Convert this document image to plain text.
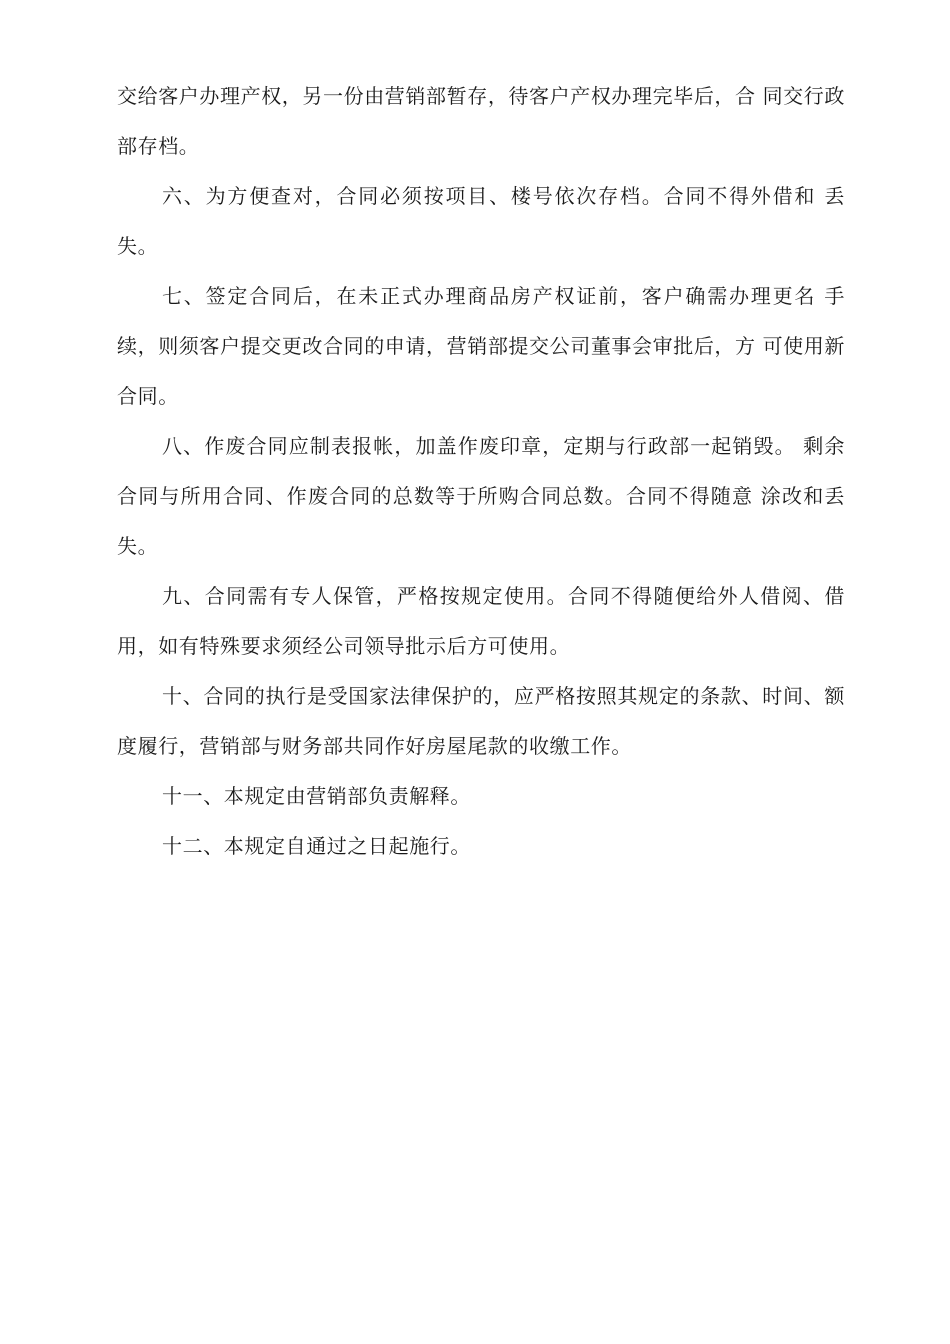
交给客户办理产权，另一份由营销部暂存，待客户产权办理完毕后，合 同交行政部存档。

六、为方便查对，合同必须按项目、楼号依次存档。合同不得外借和 丢失。

七、签定合同后，在未正式办理商品房产权证前，客户确需办理更名 手续，则须客户提交更改合同的申请，营销部提交公司董事会审批后，方 可使用新合同。

八、作废合同应制表报帐，加盖作废印章，定期与行政部一起销毁。 剩余合同与所用合同、作废合同的总数等于所购合同总数。合同不得随意 涂改和丢失。

九、合同需有专人保管，严格按规定使用。合同不得随便给外人借阅、借用，如有特殊要求须经公司领导批示后方可使用。

十、合同的执行是受国家法律保护的，应严格按照其规定的条款、时间、额度履行，营销部与财务部共同作好房屋尾款的收缴工作。

十一、本规定由营销部负责解释。

十二、本规定自通过之日起施行。
